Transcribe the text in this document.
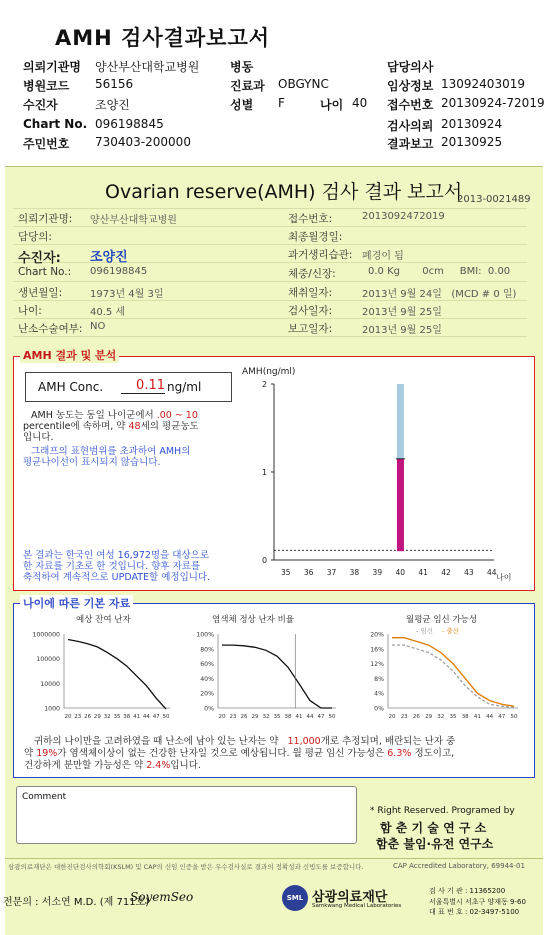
AMH 검사결과보고서
의뢰기관명 양산부산대학교병원	병동	담당의사
병원코드 56156	진료과 OBGYNC	임상정보 13092403019
수진자	조양진	성별 F	나이 40 접수번호 20130924-72019
Chart No. 096198845	검사의뢰 20130924
주민번호 730403-200000	결과보고 20130925
Ovarian reserve(AMH) 검사 결과 보고서
2013-0021489
의뢰기관명: 양산부산대학교병원
담당의:
수진자: 조양진
Chart No.: 096198845
생년월일:	1973년 4월 3일
나이:	40.5 세
난소수술여부: NO
접수번호:	2013092472019
최종월경일:
과거생리습관: 폐경이 됨
체중/신장:	0.0 Kg       0cm     BMI:  0.00
채취일자:	2013년 9월 24일   (MCD # 0 일)
검사일자:	2013년 9월 25일
보고일자:	2013년 9월 25일
AMH 결과 및 분석
AMH Conc.	0.11 ng/ml
AMH 농도는 동일 나이군에서 .00 ~ 10
percentile에 속하며, 약 48세의 평균농도
입니다.
그래프의 표현범위를 초과하여 AMH의
평균나이선이 표시되지 않습니다.
본 결과는 한국인 여성 16,972명을 대상으로
한 자료를 기초로 한 것입니다. 향후 자료를
축적하여 계속적으로 UPDATE할 예정입니다.
AMH(ng/ml)
0
1
2
35 36 37 38 39 40 41 42 43 44
나이
나이에 따른 기본 자료
예상 잔여 난자
1000000
100000
10000
1000
20 23 26 29 32 35 38 41 44 47 50
염색체 정상 난자 비율
100%
80%
60%
40%
20%
0%
20 23 26 29 32 35 38 41 44 47 50
월평균 임신 가능성
20%
16%
12%
8%
4%
0%
20 23 26 29 32 35 38 41 44 47 50
- 임신 - 출산
귀하의 나이만을 고려하였을 때 난소에 남아 있는 난자는 약 11,000개로 추정되며, 배란되는 난자 중
약 19%가 염색체이상이 없는 건강한 난자일 것으로 예상됩니다. 월 평균 임신 가능성은 6.3% 정도이고,
건강하게 분만할 가능성은 약 2.4%입니다.
Comment
* Right Reserved. Programed by
함 춘 기 술 연 구 소
함춘 불임·유전 연구소
삼광의료재단은 대한진단검사의학회(KSLM) 및 CAP의 신임 인증을 받은 우수검사실로 결과의 정확성과 신빙도를 보증합니다.	CAP Accredited Laboratory, 69944-01
전문의 : 서소연 M.D. (제 711호)
SoyemSeo	SML 삼광의료재단
Samkwang Medical Laboratories
검 사 기 관 : 11365200
서울특별시 서초구 양재동 9-60
대 표 번 호 : 02-3497-5100
